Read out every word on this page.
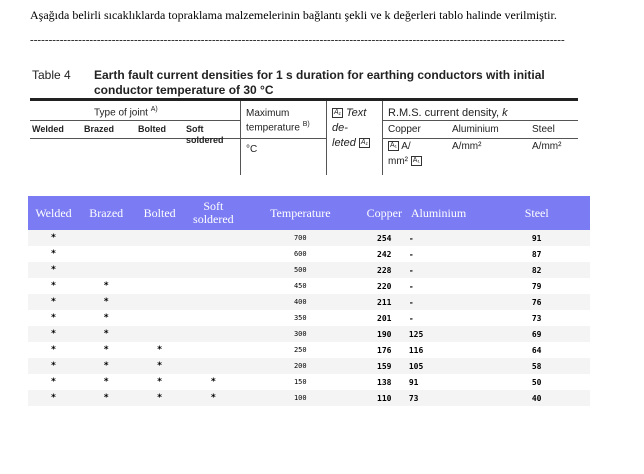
Aşağıda belirli sıcaklıklarda topraklama malzemelerinin bağlantı şekli ve k değerleri tablo halinde verilmiştir.
------------------------------------------------------------------------------------------------------------------------------------------------
Table 4 Earth fault current densities for 1 s duration for earthing conductors with initial conductor temperature of 30 °C
Type of joint $^{A)}$
Welded Brazed	Bolted Soft
soldered
Maximum
temperature $^{B)}$
°C
A₁ Text
de-
leted A₁
R.M.S. current density, k
Copper	Aluminium	Steel
A₁ A/
mm² A₁
A/mm²	A/mm²
Welded	Brazed	Bolted	Soft
soldered	Temperature	Copper	Aluminium	Steel
*				700	254	-	91
*				600	242	-	87
*				500	228	-	82
*	*			450	220	-	79
*	*			400	211	-	76
*	*			350	201	-	73
*	*			300	190	125	69
*	*	*		250	176	116	64
*	*	*		200	159	105	58
*	*	*	*	150	138	91	50
*	*	*	*	100	110	73	40
